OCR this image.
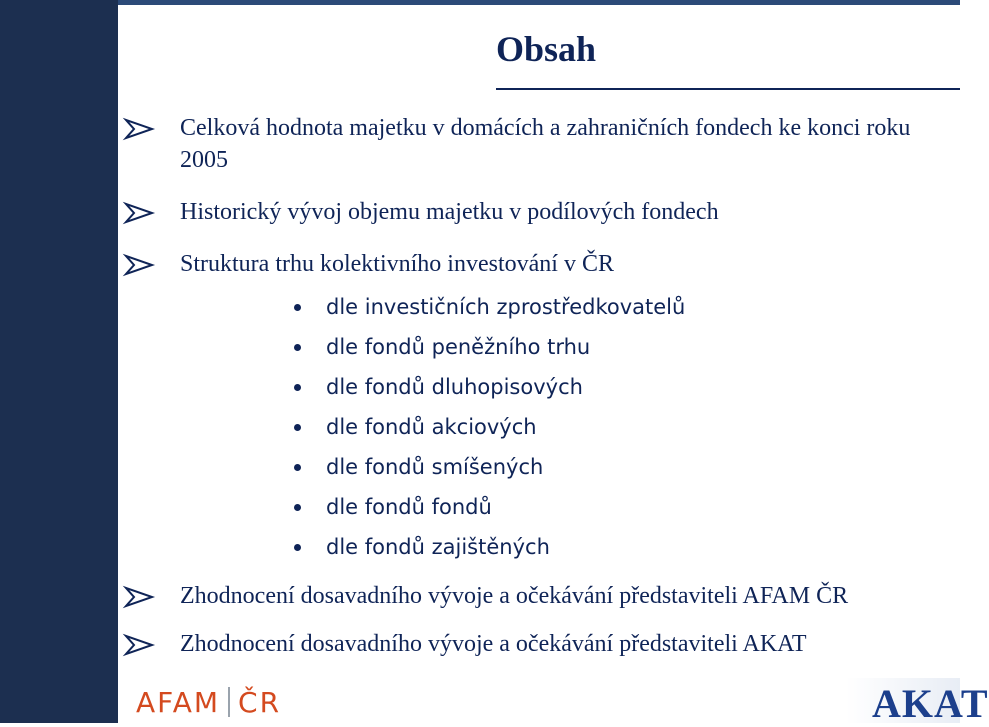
Obsah
Celková hodnota majetku v domácích a zahraničních fondech ke konci roku 2005
Historický vývoj objemu majetku v podílových fondech
Struktura trhu kolektivního investování v ČR
dle investičních zprostředkovatelů
dle fondů peněžního trhu
dle fondů dluhopisových
dle fondů akciových
dle fondů smíšených
dle fondů fondů
dle fondů zajištěných
Zhodnocení dosavadního vývoje a očekávání představiteli AFAM ČR
Zhodnocení dosavadního vývoje a očekávání představiteli AKAT
AFAM ČR	AKAT
